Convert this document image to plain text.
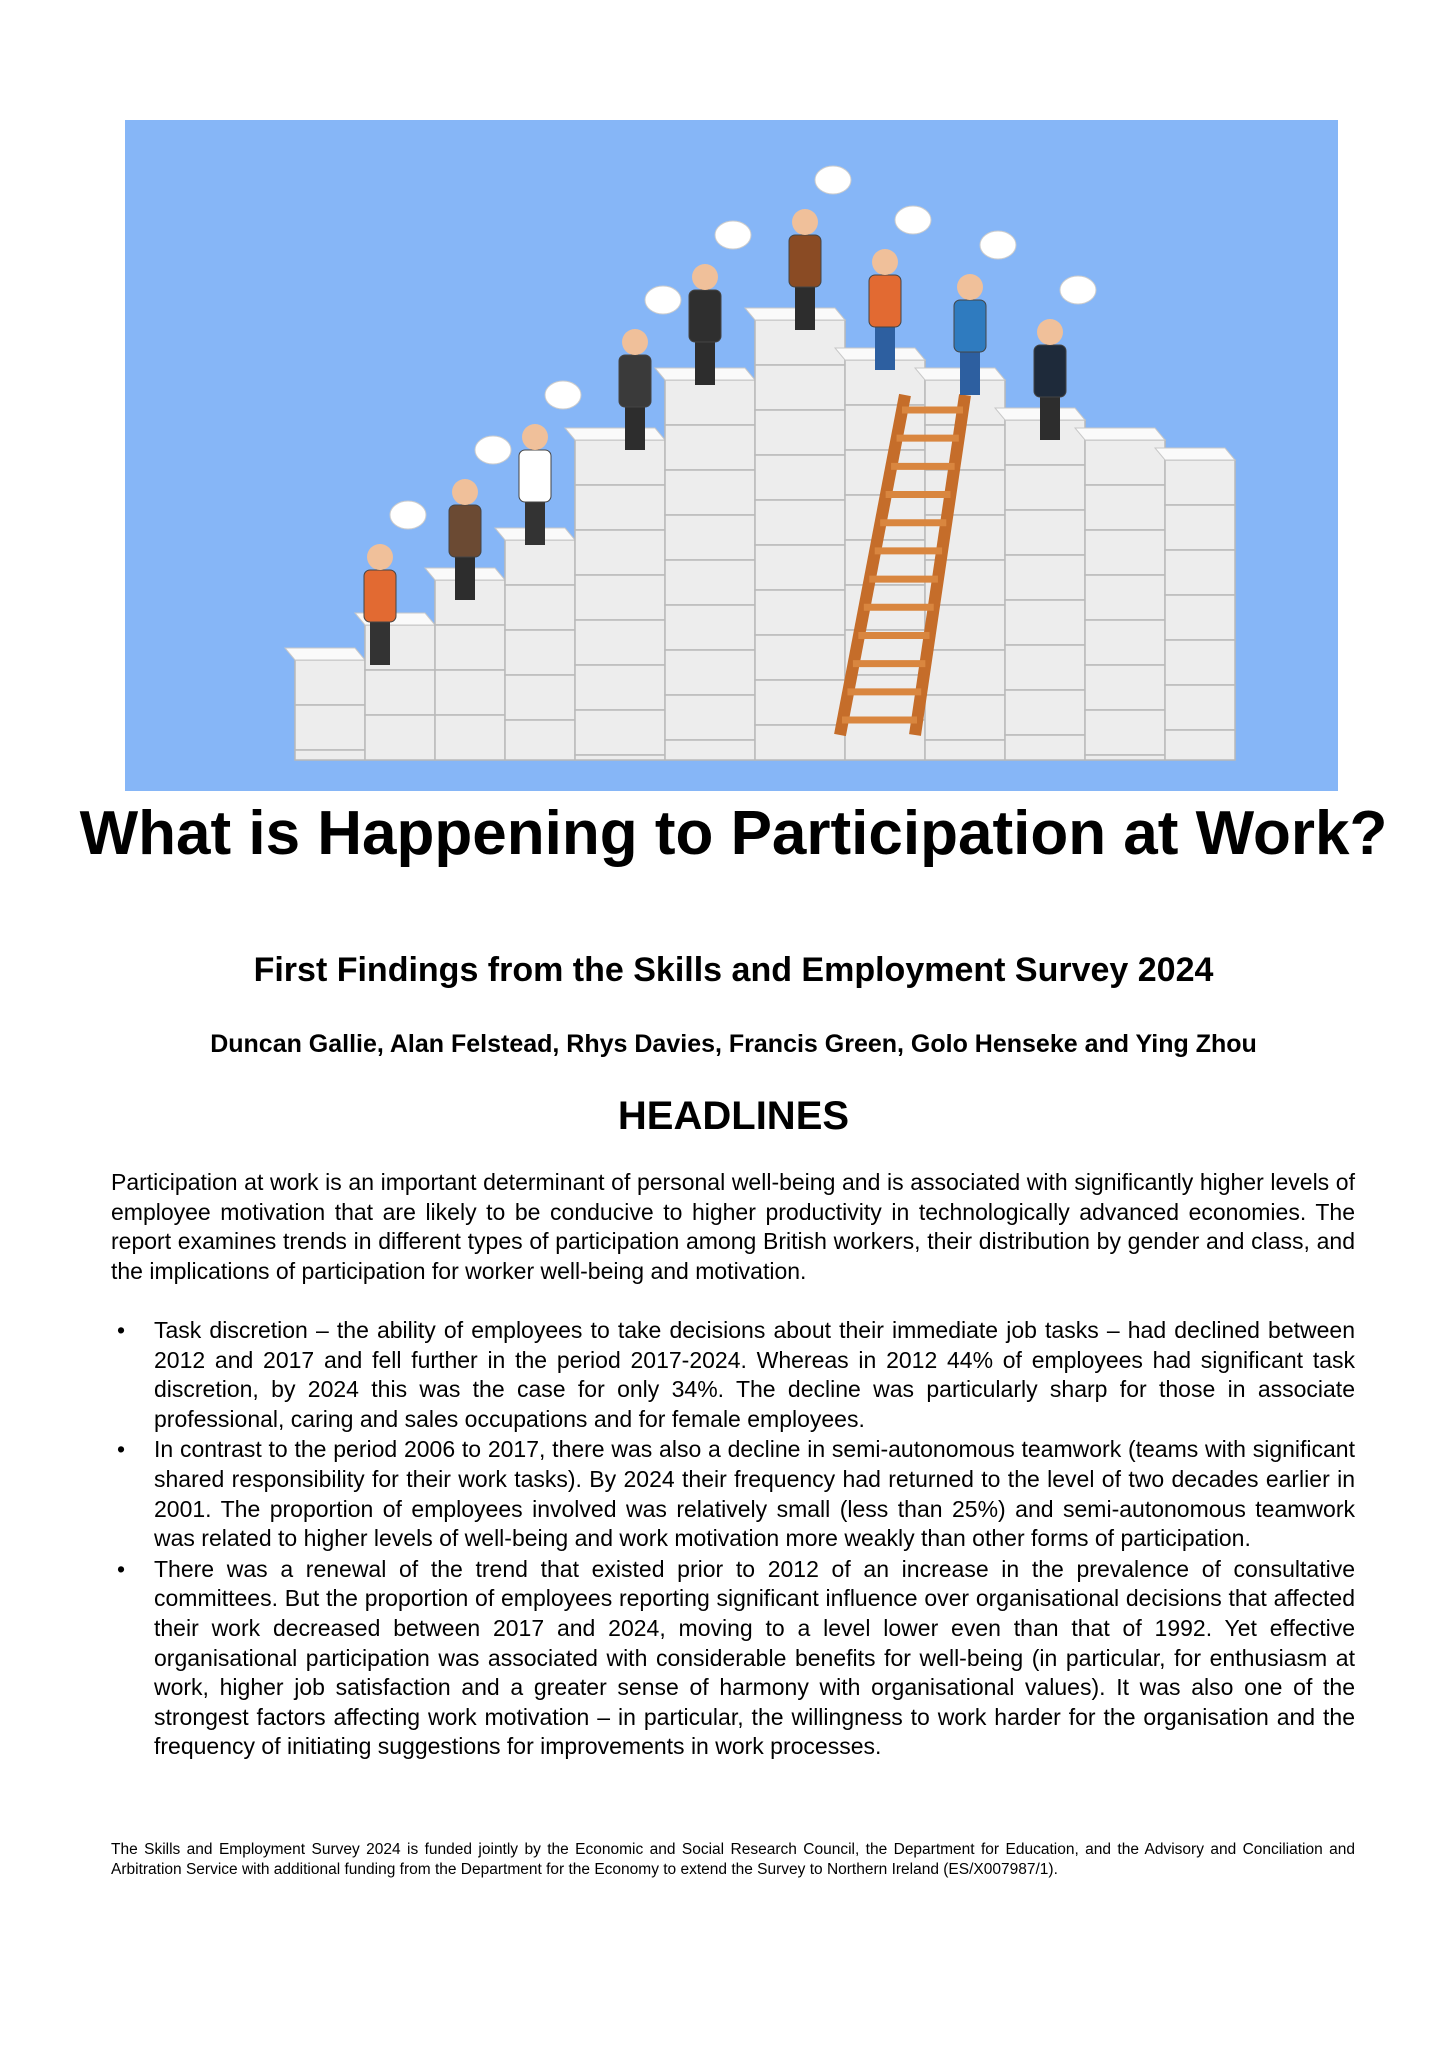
What is Happening to Participation at Work?
First Findings from the Skills and Employment Survey 2024

Duncan Gallie, Alan Felstead, Rhys Davies, Francis Green, Golo Henseke and Ying Zhou

HEADLINES

Participation at work is an important determinant of personal well-being and is associated with significantly higher levels of employee motivation that are likely to be conducive to higher productivity in technologically advanced economies. The report examines trends in different types of participation among British workers, their distribution by gender and class, and the implications of participation for worker well-being and motivation.

• Task discretion – the ability of employees to take decisions about their immediate job tasks – had declined between 2012 and 2017 and fell further in the period 2017-2024. Whereas in 2012 44% of employees had significant task discretion, by 2024 this was the case for only 34%. The decline was particularly sharp for those in associate professional, caring and sales occupations and for female employees.
• In contrast to the period 2006 to 2017, there was also a decline in semi-autonomous teamwork (teams with significant shared responsibility for their work tasks). By 2024 their frequency had returned to the level of two decades earlier in 2001. The proportion of employees involved was relatively small (less than 25%) and semi-autonomous teamwork was related to higher levels of well-being and work motivation more weakly than other forms of participation.
• There was a renewal of the trend that existed prior to 2012 of an increase in the prevalence of consultative committees. But the proportion of employees reporting significant influence over organisational decisions that affected their work decreased between 2017 and 2024, moving to a level lower even than that of 1992. Yet effective organisational participation was associated with considerable benefits for well-being (in particular, for enthusiasm at work, higher job satisfaction and a greater sense of harmony with organisational values). It was also one of the strongest factors affecting work motivation – in particular, the willingness to work harder for the organisation and the frequency of initiating suggestions for improvements in work processes.

The Skills and Employment Survey 2024 is funded jointly by the Economic and Social Research Council, the Department for Education, and the Advisory and Conciliation and Arbitration Service with additional funding from the Department for the Economy to extend the Survey to Northern Ireland (ES/X007987/1).
